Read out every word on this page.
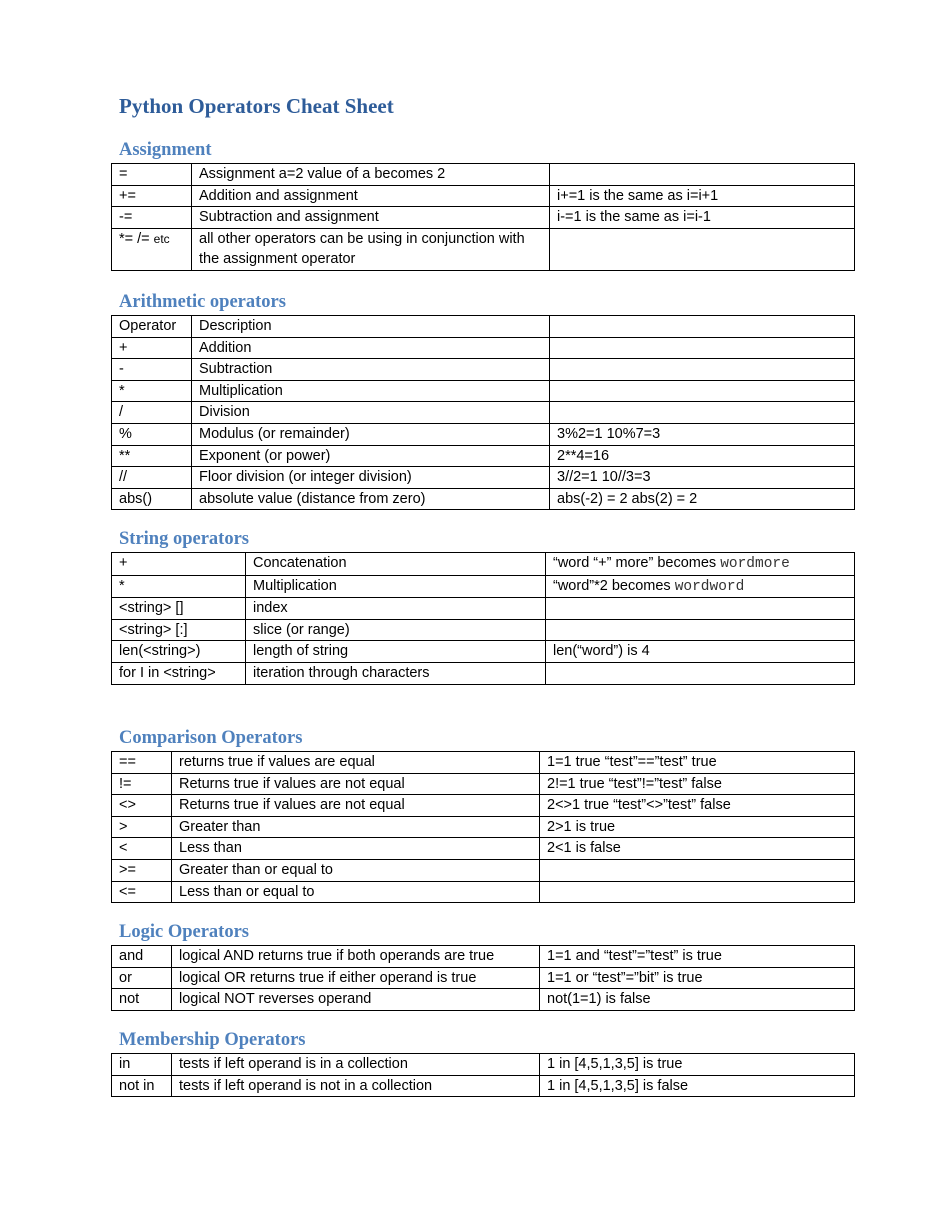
Python Operators Cheat Sheet
Assignment
=	Assignment a=2 value of a becomes 2	
+=	Addition and assignment	i+=1 is the same as i=i+1
-=	Subtraction and assignment	i-=1 is the same as i=i-1
*= /= etc	all other operators can be using in conjunction with the assignment operator	
Arithmetic operators
Operator	Description	
+	Addition	
-	Subtraction	
*	Multiplication	
/	Division	
%	Modulus (or remainder)	3%2=1 10%7=3
**	Exponent (or power)	2**4=16
//	Floor division (or integer division)	3//2=1 10//3=3
abs()	absolute value (distance from zero)	abs(-2) = 2 abs(2) = 2
String operators
+	Concatenation	“word “+” more” becomes wordmore
*	Multiplication	“word”*2 becomes wordword
<string> []	index	
<string> [:]	slice (or range)	
len(<string>)	length of string	len(“word”) is 4
for I in <string>	iteration through characters	
Comparison Operators
==	returns true if values are equal	1=1 true “test”==”test” true
!=	Returns true if values are not equal	2!=1 true “test”!=”test” false
<>	Returns true if values are not equal	2<>1 true “test”<>”test” false
>	Greater than	2>1 is true
<	Less than	2<1 is false
>=	Greater than or equal to	
<=	Less than or equal to	
Logic Operators
and	logical AND returns true if both operands are true	1=1 and “test”=”test” is true
or	logical OR returns true if either operand is true	1=1 or “test”=”bit” is true
not	logical NOT reverses operand	not(1=1) is false
Membership Operators
in	tests if left operand is in a collection	1 in [4,5,1,3,5] is true
not in	tests if left operand is not in a collection	1 in [4,5,1,3,5] is false
